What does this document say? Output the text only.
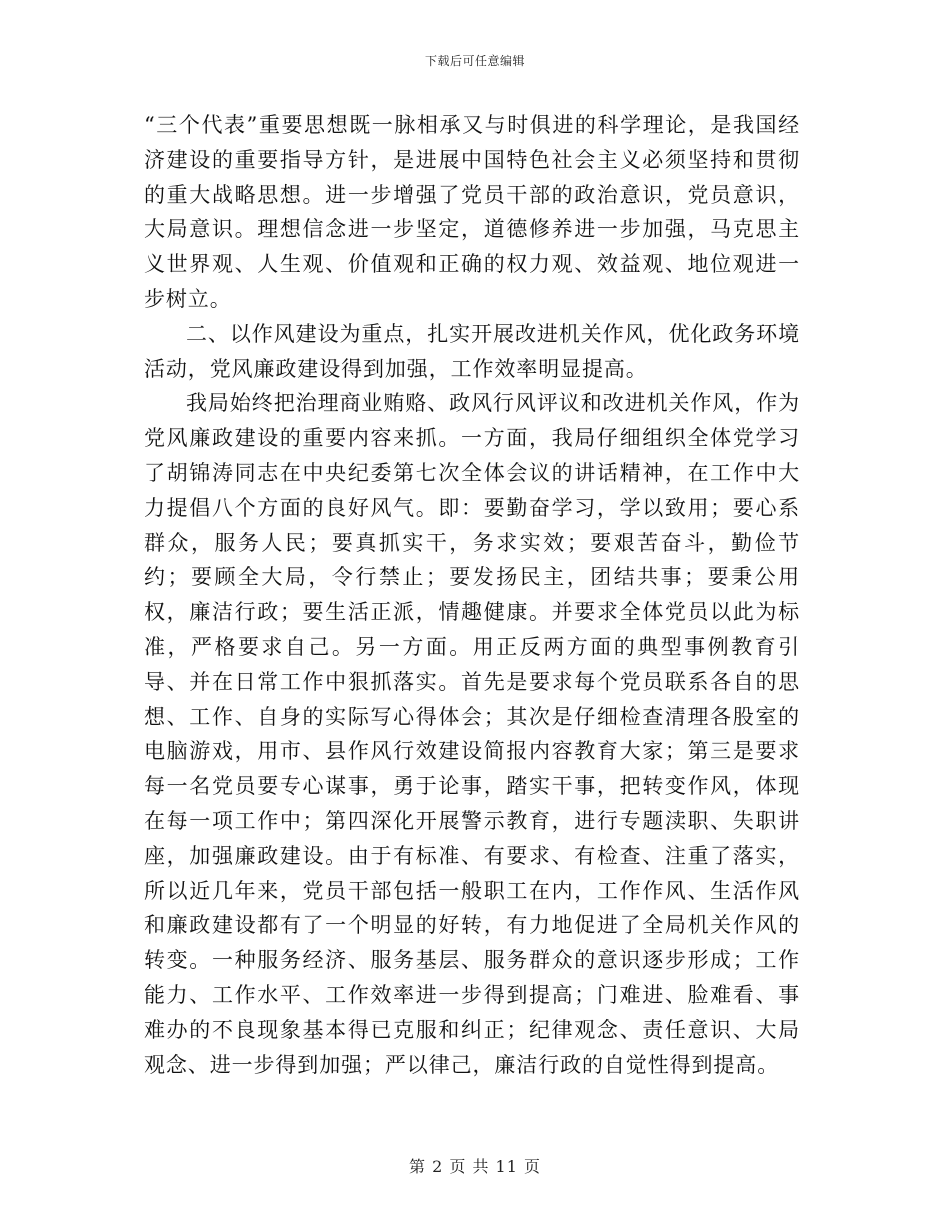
下载后可任意编辑

“三个代表”重要思想既一脉相承又与时俱进的科学理论，是我国经济建设的重要指导方针，是进展中国特色社会主义必须坚持和贯彻的重大战略思想。进一步增强了党员干部的政治意识，党员意识，大局意识。理想信念进一步坚定，道德修养进一步加强，马克思主义世界观、人生观、价值观和正确的权力观、效益观、地位观进一步树立。

二、以作风建设为重点，扎实开展改进机关作风，优化政务环境活动，党风廉政建设得到加强，工作效率明显提高。

我局始终把治理商业贿赂、政风行风评议和改进机关作风，作为党风廉政建设的重要内容来抓。一方面，我局仔细组织全体党学习了胡锦涛同志在中央纪委第七次全体会议的讲话精神，在工作中大力提倡八个方面的良好风气。即：要勤奋学习，学以致用；要心系群众，服务人民；要真抓实干，务求实效；要艰苦奋斗，勤俭节约；要顾全大局，令行禁止；要发扬民主，团结共事；要秉公用权，廉洁行政；要生活正派，情趣健康。并要求全体党员以此为标准，严格要求自己。另一方面。用正反两方面的典型事例教育引导、并在日常工作中狠抓落实。首先是要求每个党员联系各自的思想、工作、自身的实际写心得体会；其次是仔细检查清理各股室的电脑游戏，用市、县作风行效建设简报内容教育大家；第三是要求每一名党员要专心谋事，勇于论事，踏实干事，把转变作风，体现在每一项工作中；第四深化开展警示教育，进行专题渎职、失职讲座，加强廉政建设。由于有标准、有要求、有检查、注重了落实，所以近几年来，党员干部包括一般职工在内，工作作风、生活作风和廉政建设都有了一个明显的好转，有力地促进了全局机关作风的转变。一种服务经济、服务基层、服务群众的意识逐步形成；工作能力、工作水平、工作效率进一步得到提高；门难进、脸难看、事难办的不良现象基本得已克服和纠正；纪律观念、责任意识、大局观念、进一步得到加强；严以律己，廉洁行政的自觉性得到提高。

第 2 页 共 11 页
